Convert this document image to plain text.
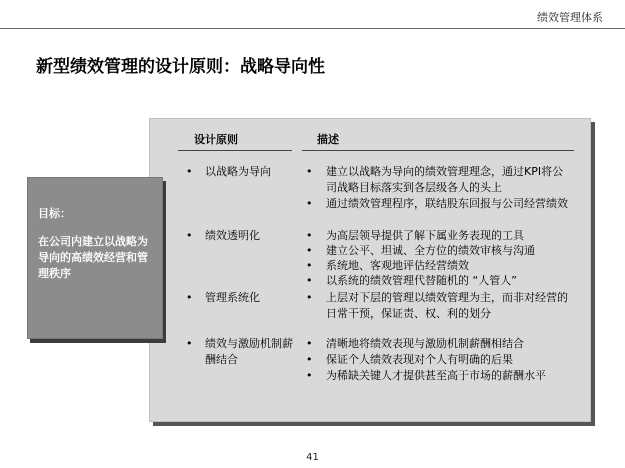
绩效管理体系
新型绩效管理的设计原则：战略导向性
目标：
在公司内建立以战略为导向的高绩效经营和管理秩序
设计原则	描述
• 以战略为导向
• 绩效透明化
• 管理系统化
• 绩效与激励机制薪酬结合
• 建立以战略为导向的绩效管理理念，通过KPI将公司战略目标落实到各层级各人的头上
• 通过绩效管理程序，联结股东回报与公司经营绩效
• 为高层领导提供了解下属业务表现的工具
• 建立公平、坦诚、全方位的绩效审核与沟通
• 系统地、客观地评估经营绩效
• 以系统的绩效管理代替随机的 “人管人”
• 上层对下层的管理以绩效管理为主，而非对经营的日常干预，保证责、权、利的划分
• 清晰地将绩效表现与激励机制薪酬相结合
• 保证个人绩效表现对个人有明确的后果
• 为稀缺关键人才提供甚至高于市场的薪酬水平
41
